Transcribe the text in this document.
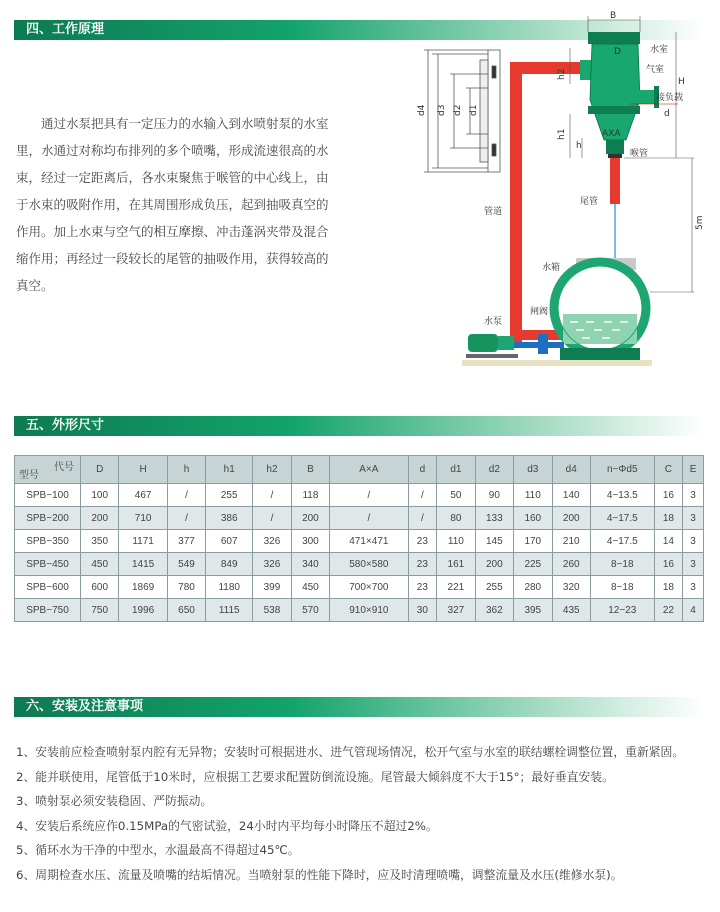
四、工作原理

通过水泵把具有一定压力的水输入到水喷射泵的水室里，水通过对称均布排列的多个喷嘴，形成流速很高的水束，经过一定距离后，各水束聚焦于喉管的中心线上，由于水束的吸附作用，在其周围形成负压，起到抽吸真空的作用。加上水束与空气的相互摩擦、冲击蓬涡夹带及混合缩作用；再经过一段较长的尾管的抽吸作用，获得较高的真空。

d4 d3 d2 d1
B
D	水室
气室
H
接负载
d
h2
h1
h
AXA
喉管
5m
尾管
管道
水箱
闸阀
水泵
五、外形尺寸
代号
型号	D	H	h	h1	h2	B	A×A	d	d1	d2	d3	d4	n−Φd5	C	E
SPB−100	100	467	/	255	/	118	/	/	50	90	110	140	4−13.5	16	3
SPB−200	200	710	/	386	/	200	/	/	80	133	160	200	4−17.5	18	3
SPB−350	350	1171	377	607	326	300	471×471	23	110	145	170	210	4−17.5	14	3
SPB−450	450	1415	549	849	326	340	580×580	23	161	200	225	260	8−18	16	3
SPB−600	600	1869	780	1180	399	450	700×700	23	221	255	280	320	8−18	18	3
SPB−750	750	1996	650	1115	538	570	910×910	30	327	362	395	435	12−23	22	4
六、安装及注意事项
1、安装前应检查喷射泵内腔有无异物；安装时可根据进水、进气管现场情况，松开气室与水室的联结螺栓调整位置，重新紧固。
2、能并联使用，尾管低于10米时，应根据工艺要求配置防倒流设施。尾管最大倾斜度不大于15°；最好垂直安装。
3、喷射泵必须安装稳固、严防振动。
4、安装后系统应作0.15MPa的气密试验，24小时内平均每小时降压不超过2%。
5、循环水为干净的中型水，水温最高不得超过45℃。
6、周期检查水压、流量及喷嘴的结垢情况。当喷射泵的性能下降时，应及时清理喷嘴，调整流量及水压(维修水泵)。
